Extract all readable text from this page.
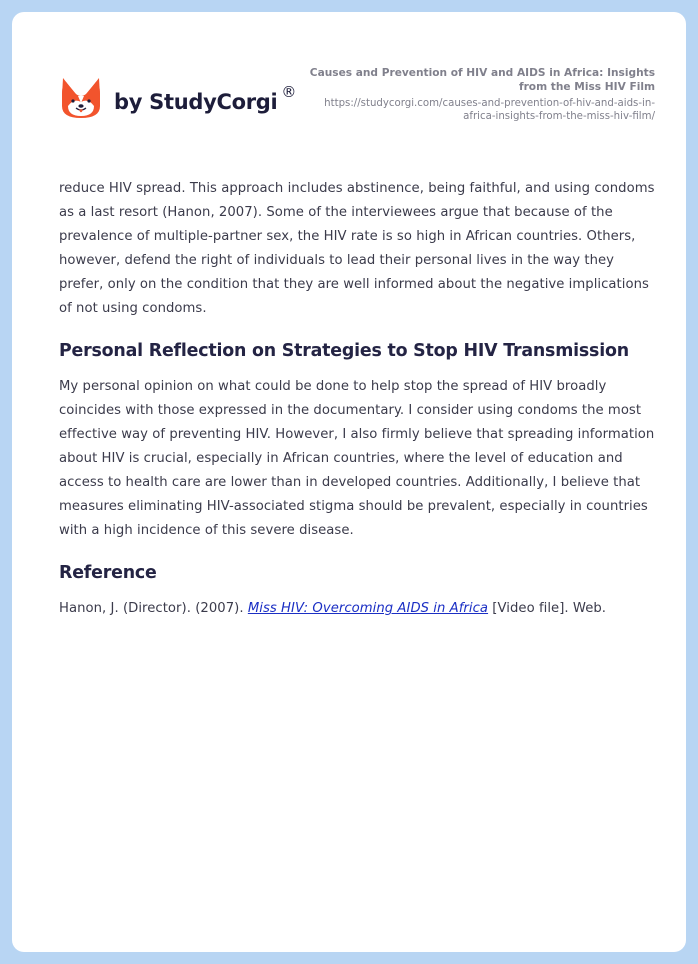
by StudyCorgi ®
Causes and Prevention of HIV and AIDS in Africa: Insights from the Miss HIV Film
https://studycorgi.com/causes-and-prevention-of-hiv-and-aids-in-africa-insights-from-the-miss-hiv-film/

reduce HIV spread. This approach includes abstinence, being faithful, and using condoms as a last resort (Hanon, 2007). Some of the interviewees argue that because of the prevalence of multiple-partner sex, the HIV rate is so high in African countries. Others, however, defend the right of individuals to lead their personal lives in the way they prefer, only on the condition that they are well informed about the negative implications of not using condoms.

Personal Reflection on Strategies to Stop HIV Transmission

My personal opinion on what could be done to help stop the spread of HIV broadly coincides with those expressed in the documentary. I consider using condoms the most effective way of preventing HIV. However, I also firmly believe that spreading information about HIV is crucial, especially in African countries, where the level of education and access to health care are lower than in developed countries. Additionally, I believe that measures eliminating HIV-associated stigma should be prevalent, especially in countries with a high incidence of this severe disease.

Reference

Hanon, J. (Director). (2007). Miss HIV: Overcoming AIDS in Africa [Video file]. Web.
